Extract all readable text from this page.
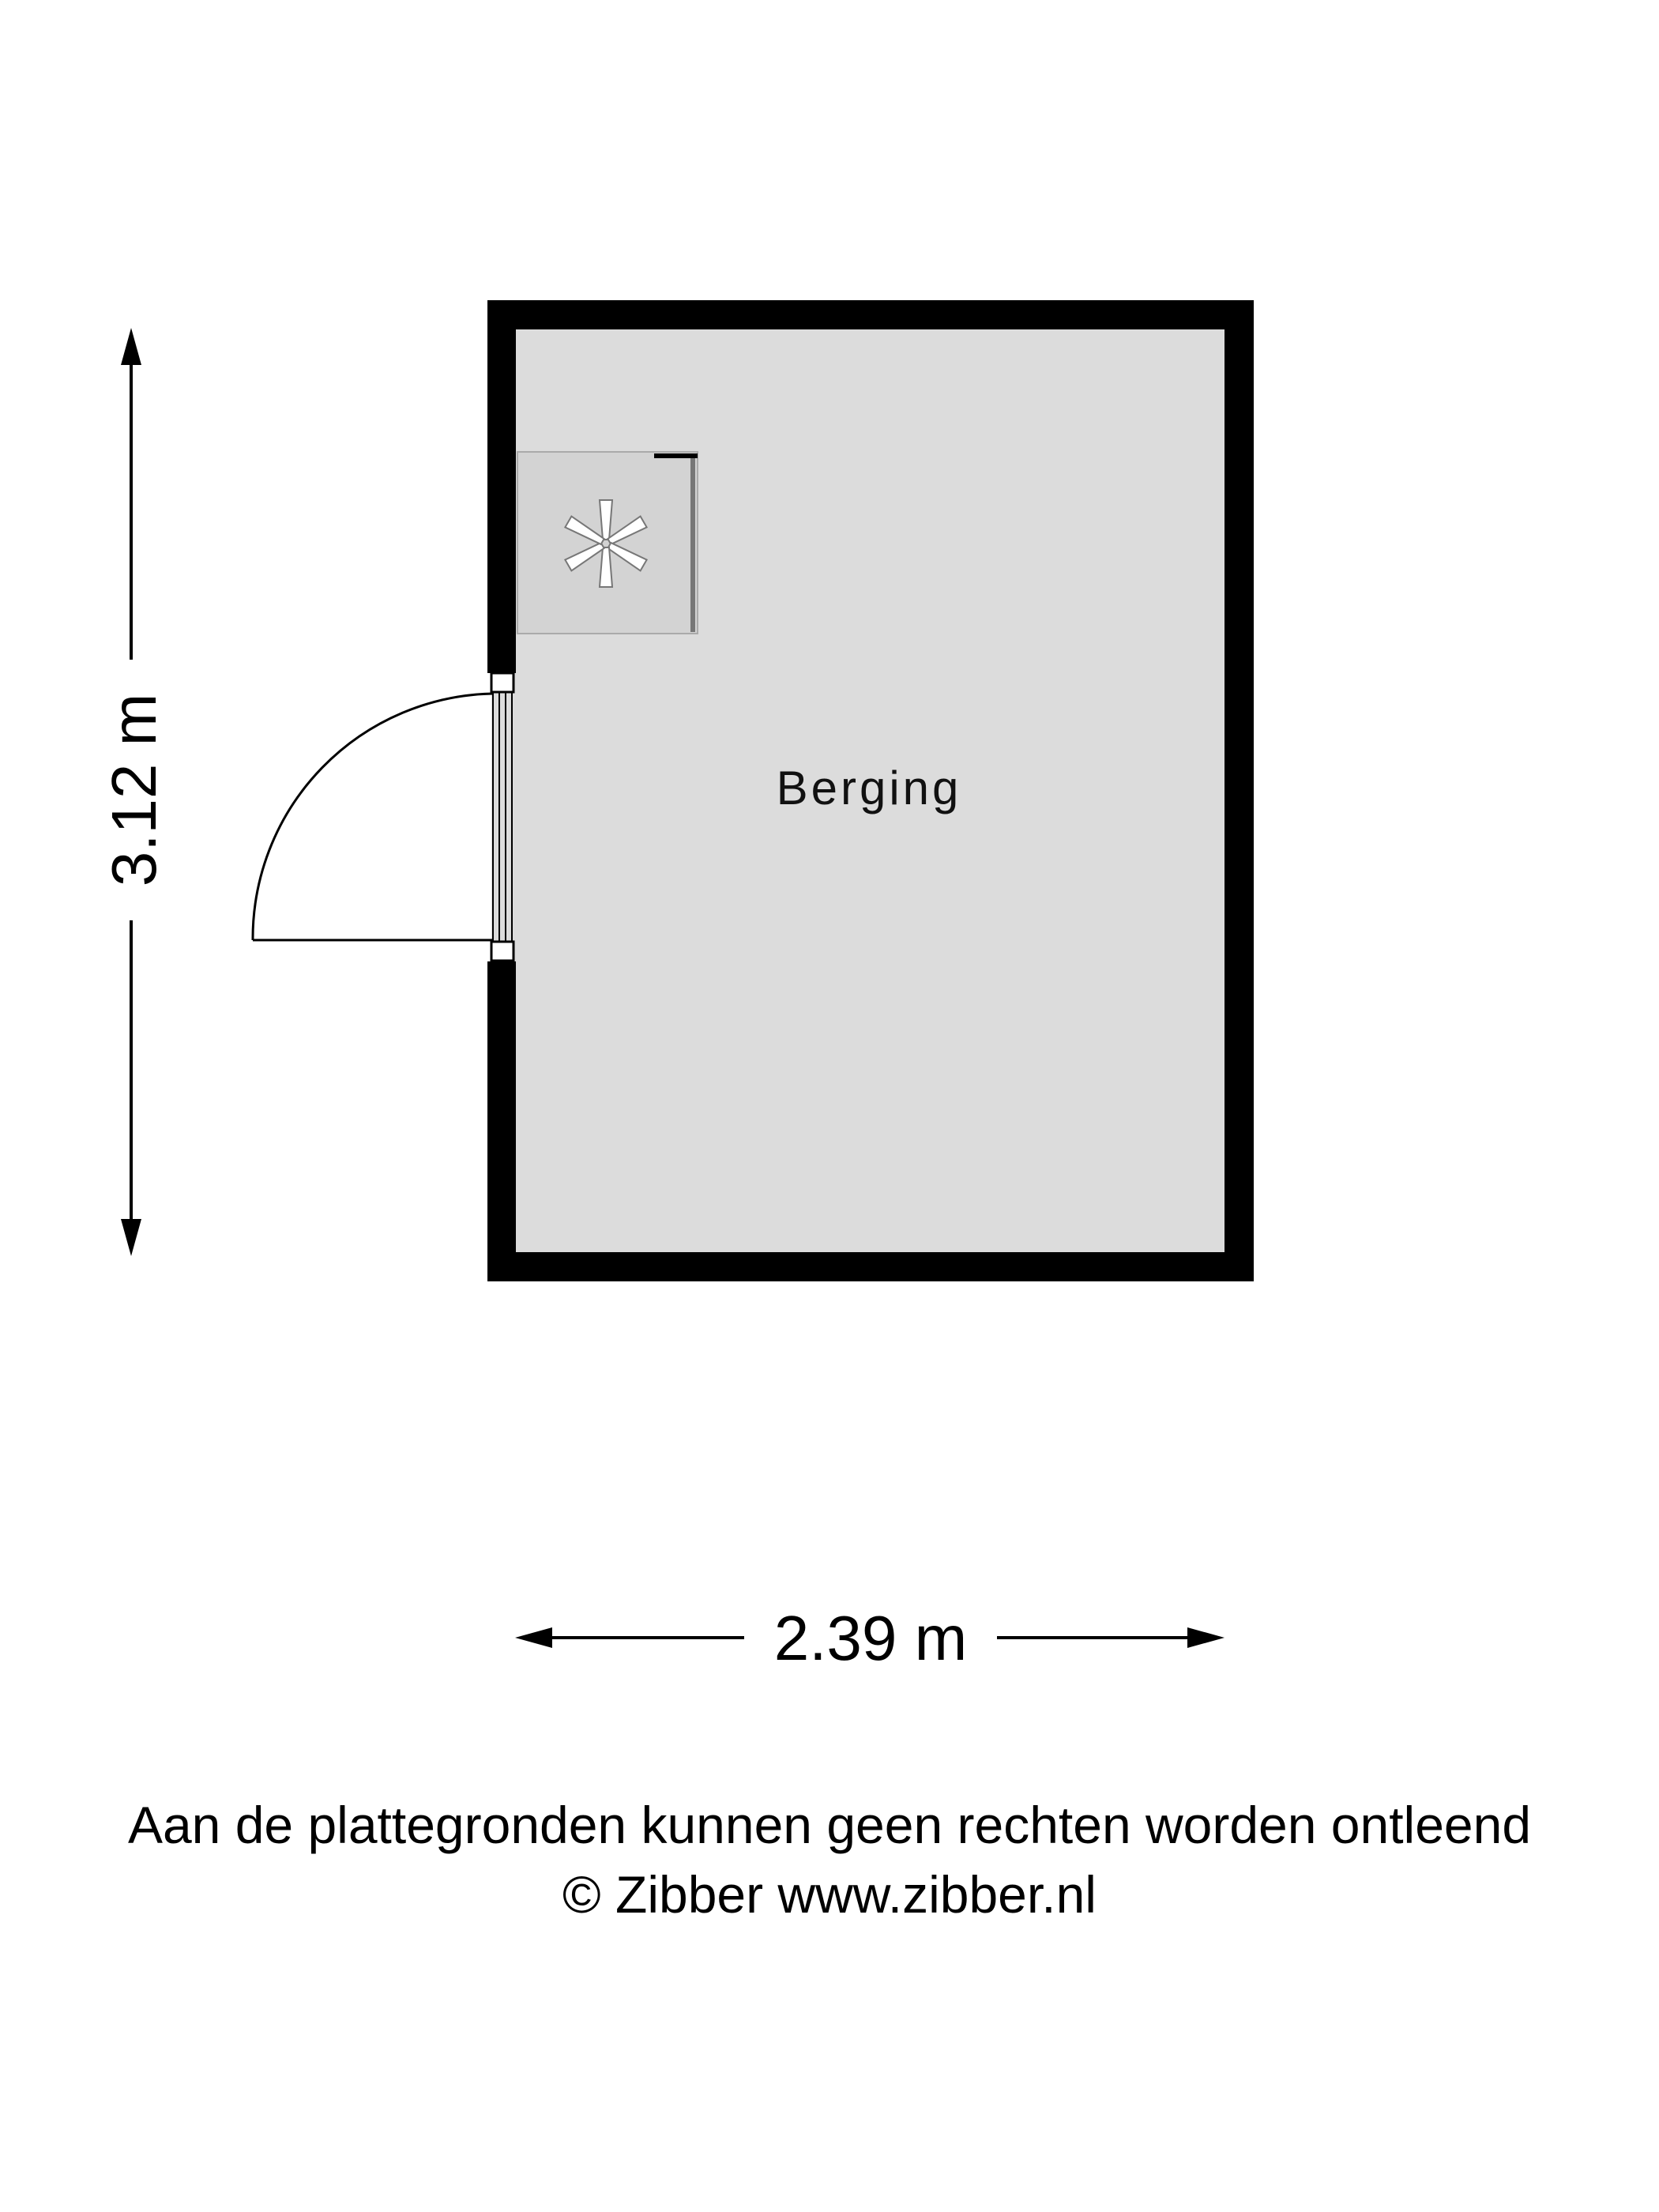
Berging
3.12 m
2.39 m
Aan de plattegronden kunnen geen rechten worden ontleend
© Zibber www.zibber.nl
